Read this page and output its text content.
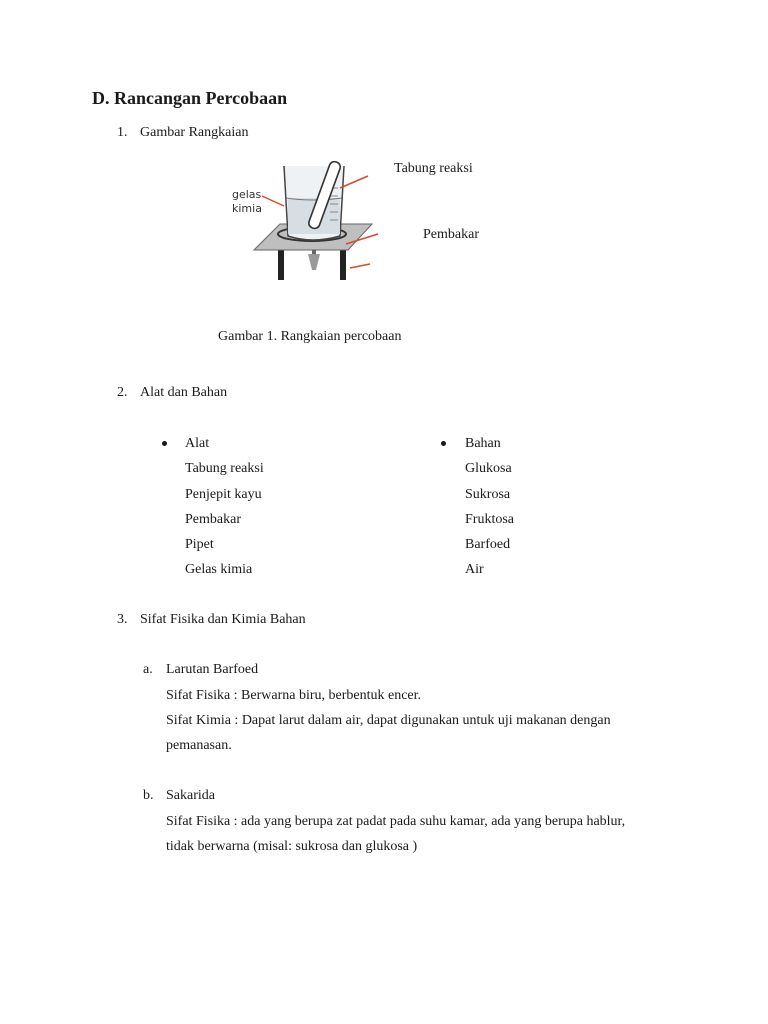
D. Rancangan Percobaan
1. Gambar Rangkaian
gelas
kimia
Tabung reaksi
Pembakar
Gambar 1. Rangkaian percobaan
2. Alat dan Bahan
Alat
Tabung reaksi
Penjepit kayu
Pembakar
Pipet
Gelas kimia
Bahan
Glukosa
Sukrosa
Fruktosa
Barfoed
Air
3. Sifat Fisika dan Kimia Bahan
a. Larutan Barfoed
Sifat Fisika : Berwarna biru, berbentuk encer.
Sifat Kimia : Dapat larut dalam air, dapat digunakan untuk uji makanan dengan
pemanasan.
b. Sakarida
Sifat Fisika : ada yang berupa zat padat pada suhu kamar, ada yang berupa hablur,
tidak berwarna (misal: sukrosa dan glukosa )
